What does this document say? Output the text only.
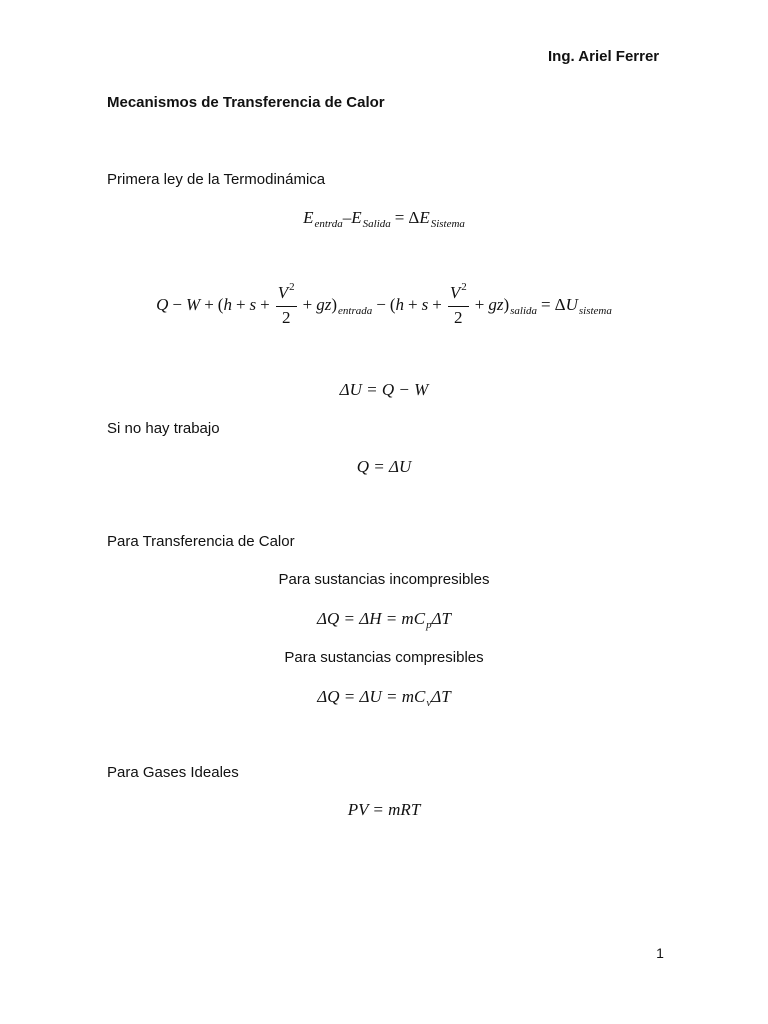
Ing. Ariel Ferrer
Mecanismos de Transferencia de Calor
Primera ley de la Termodinámica
E entrda – E Salida = Δ E Sistema
Q − W + ( $h + s + \frac{V^2}{2}$ + gz ) entrada − ( $h + s + \frac{V^2}{2}$ + gz ) salida = Δ U sistema
ΔU = Q − W
Si no hay trabajo
Q = ΔU
Para Transferencia de Calor
Para sustancias incompresibles
ΔQ = ΔH = mC p ΔT
Para sustancias compresibles
ΔQ = ΔU = mC v ΔT
Para Gases Ideales
PV = mRT
1
